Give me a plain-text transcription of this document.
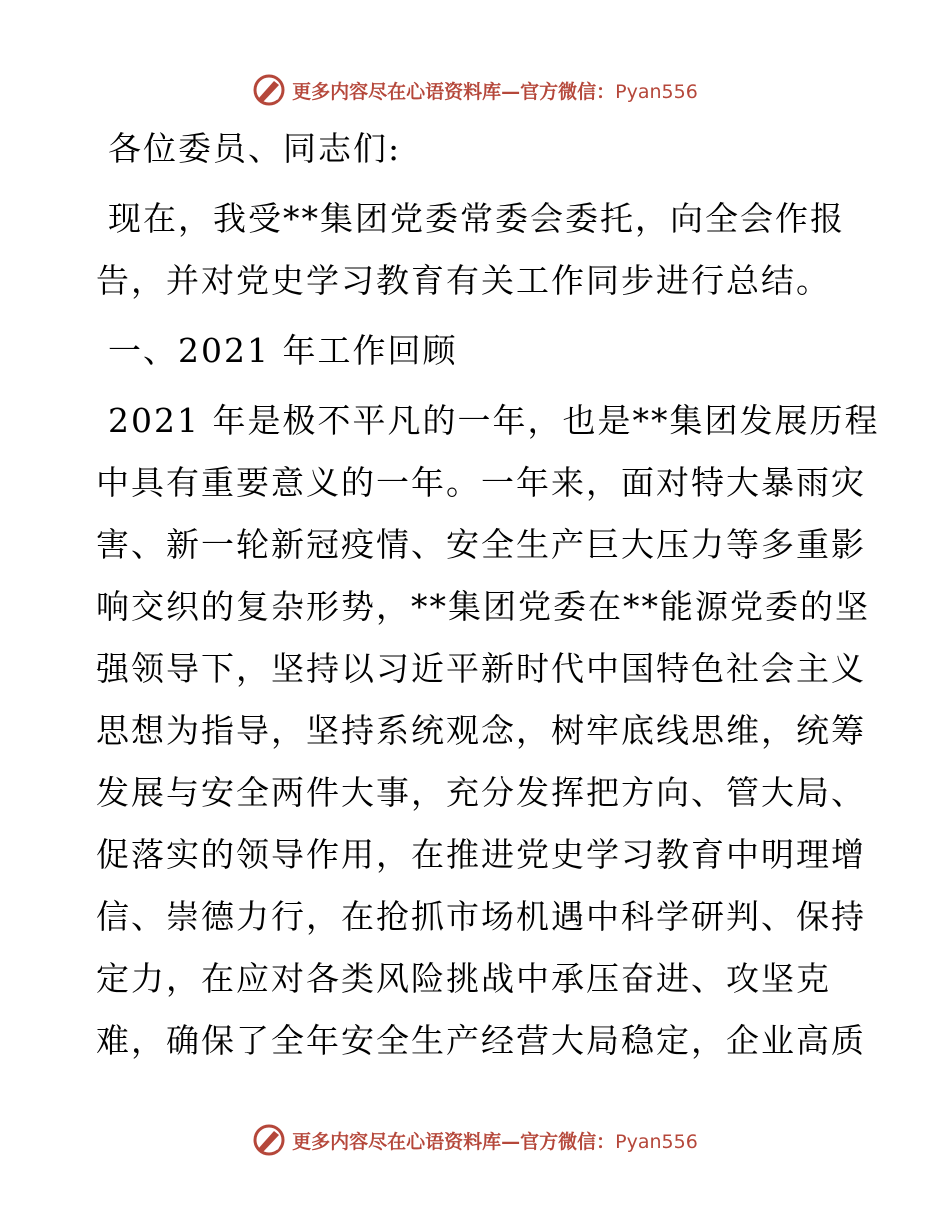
更多内容尽在心语资料库—官方微信：Pyan556

各位委员、同志们:

现在，我受**集团党委常委会委托，向全会作报
告，并对党史学习教育有关工作同步进行总结。

一、2021 年工作回顾

2021 年是极不平凡的一年，也是**集团发展历程
中具有重要意义的一年。一年来，面对特大暴雨灾
害、新一轮新冠疫情、安全生产巨大压力等多重影
响交织的复杂形势，**集团党委在**能源党委的坚
强领导下，坚持以习近平新时代中国特色社会主义
思想为指导，坚持系统观念，树牢底线思维，统筹
发展与安全两件大事，充分发挥把方向、管大局、
促落实的领导作用，在推进党史学习教育中明理增
信、崇德力行，在抢抓市场机遇中科学研判、保持
定力，在应对各类风险挑战中承压奋进、攻坚克
难，确保了全年安全生产经营大局稳定，企业高质

更多内容尽在心语资料库—官方微信：Pyan556
